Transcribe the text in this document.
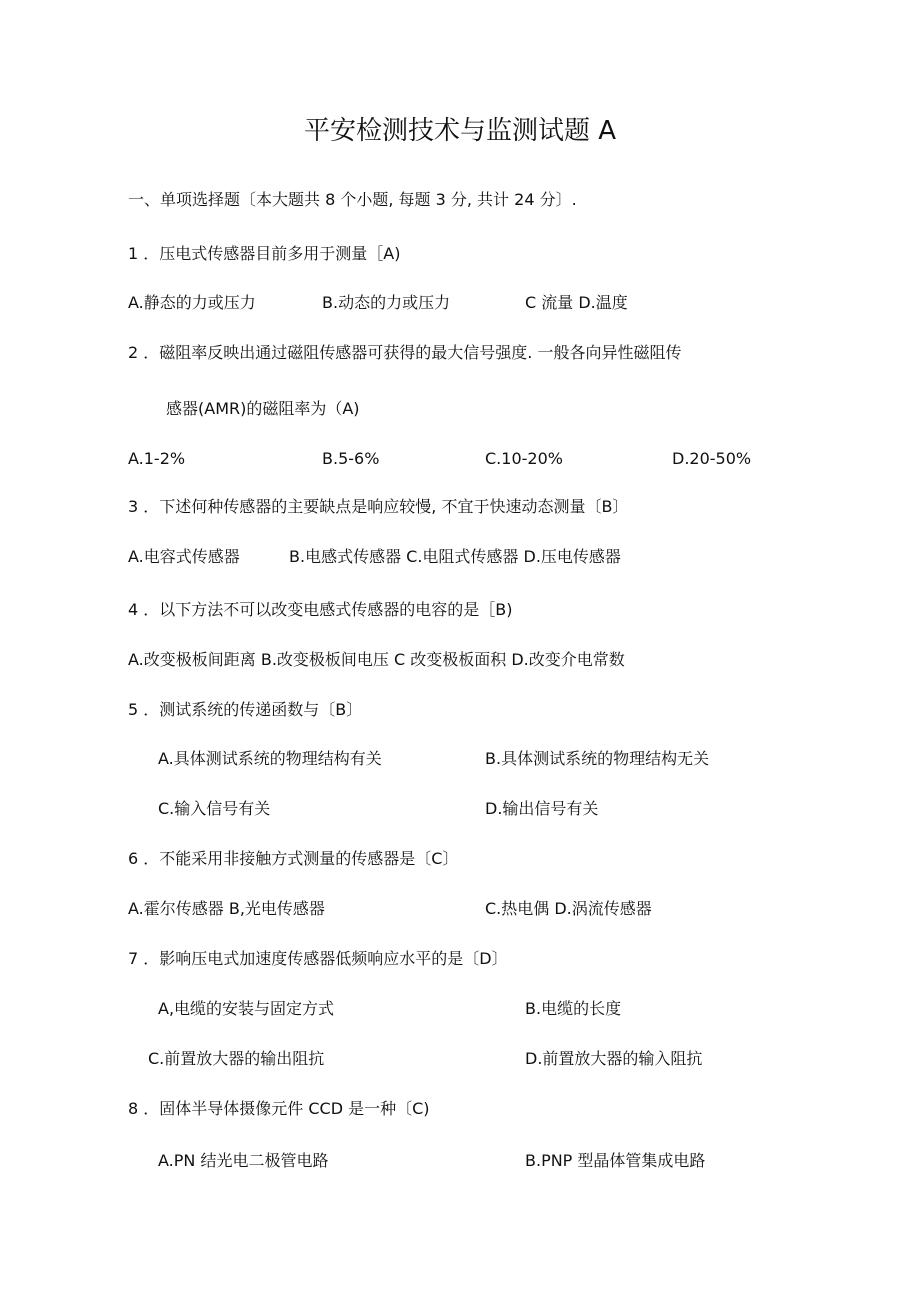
平安检测技术与监测试题 A
一、单项选择题〔本大题共 8 个小题, 每题 3 分, 共计 24 分〕.
1 ．压电式传感器目前多用于测量［A)
A.静态的力或压力	B.动态的力或压力	C 流量 D.温度
2 ．磁阻率反映出通过磁阻传感器可获得的最大信号强度. 一般各向异性磁阻传
感器(AMR)的磁阻率为（A)
A.1-2%	B.5-6%	C.10-20%	D.20-50%
3 ．下述何种传感器的主要缺点是响应较慢, 不宜于快速动态测量〔B〕
A.电容式传感器	B.电感式传感器 C.电阻式传感器 D.压电传感器
4 ．以下方法不可以改变电感式传感器的电容的是［B)
A.改变极板间距离 B.改变极板间电压 C 改变极板面积 D.改变介电常数
5 ．测试系统的传递函数与〔B〕
A.具体测试系统的物理结构有关	B.具体测试系统的物理结构无关
C.输入信号有关	D.输出信号有关
6 ．不能采用非接触方式测量的传感器是〔C〕
A.霍尔传感器 B,光电传感器	C.热电偶 D.涡流传感器
7 ．影响压电式加速度传感器低频响应水平的是〔D〕
A,电缆的安装与固定方式	B.电缆的长度
C.前置放大器的输出阻抗	D.前置放大器的输入阻抗
8 ．固体半导体摄像元件 CCD 是一种〔C)
A.PN 结光电二极管电路	B.PNP 型晶体管集成电路
